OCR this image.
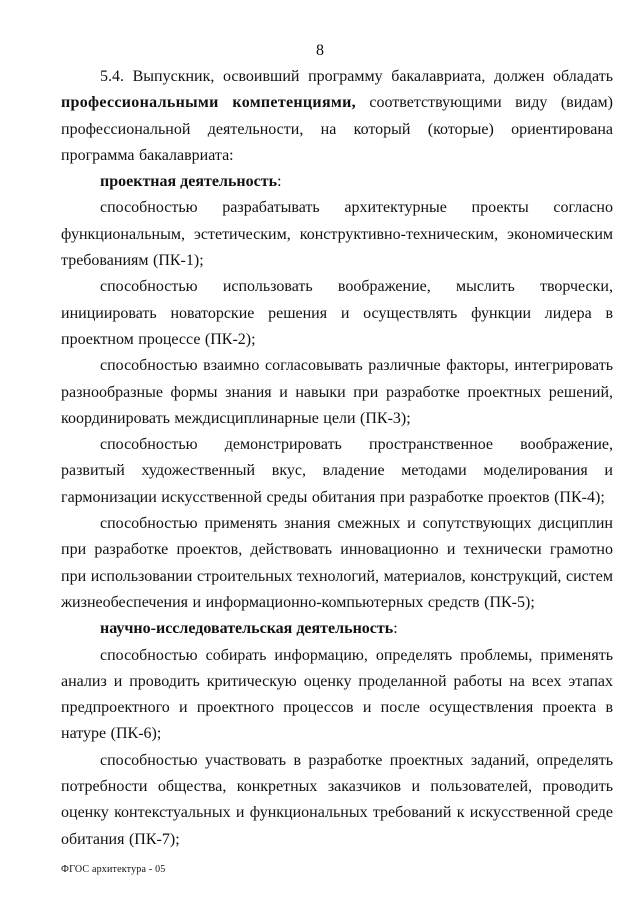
8

5.4. Выпускник, освоивший программу бакалавриата, должен обладать профессиональными компетенциями, соответствующими виду (видам) профессиональной деятельности, на который (которые) ориентирована программа бакалавриата:

проектная деятельность:

способностью разрабатывать архитектурные проекты согласно функциональным, эстетическим, конструктивно-техническим, экономическим требованиям (ПК-1);

способностью использовать воображение, мыслить творчески, инициировать новаторские решения и осуществлять функции лидера в проектном процессе (ПК-2);

способностью взаимно согласовывать различные факторы, интегрировать разнообразные формы знания и навыки при разработке проектных решений, координировать междисциплинарные цели (ПК-3);

способностью демонстрировать пространственное воображение, развитый художественный вкус, владение методами моделирования и гармонизации искусственной среды обитания при разработке проектов (ПК-4);

способностью применять знания смежных и сопутствующих дисциплин при разработке проектов, действовать инновационно и технически грамотно при использовании строительных технологий, материалов, конструкций, систем жизнеобеспечения и информационно-компьютерных средств (ПК-5);

научно-исследовательская деятельность:

способностью собирать информацию, определять проблемы, применять анализ и проводить критическую оценку проделанной работы на всех этапах предпроектного и проектного процессов и после осуществления проекта в натуре (ПК-6);

способностью участвовать в разработке проектных заданий, определять потребности общества, конкретных заказчиков и пользователей, проводить оценку контекстуальных и функциональных требований к искусственной среде обитания (ПК-7);

ФГОС архитектура - 05
